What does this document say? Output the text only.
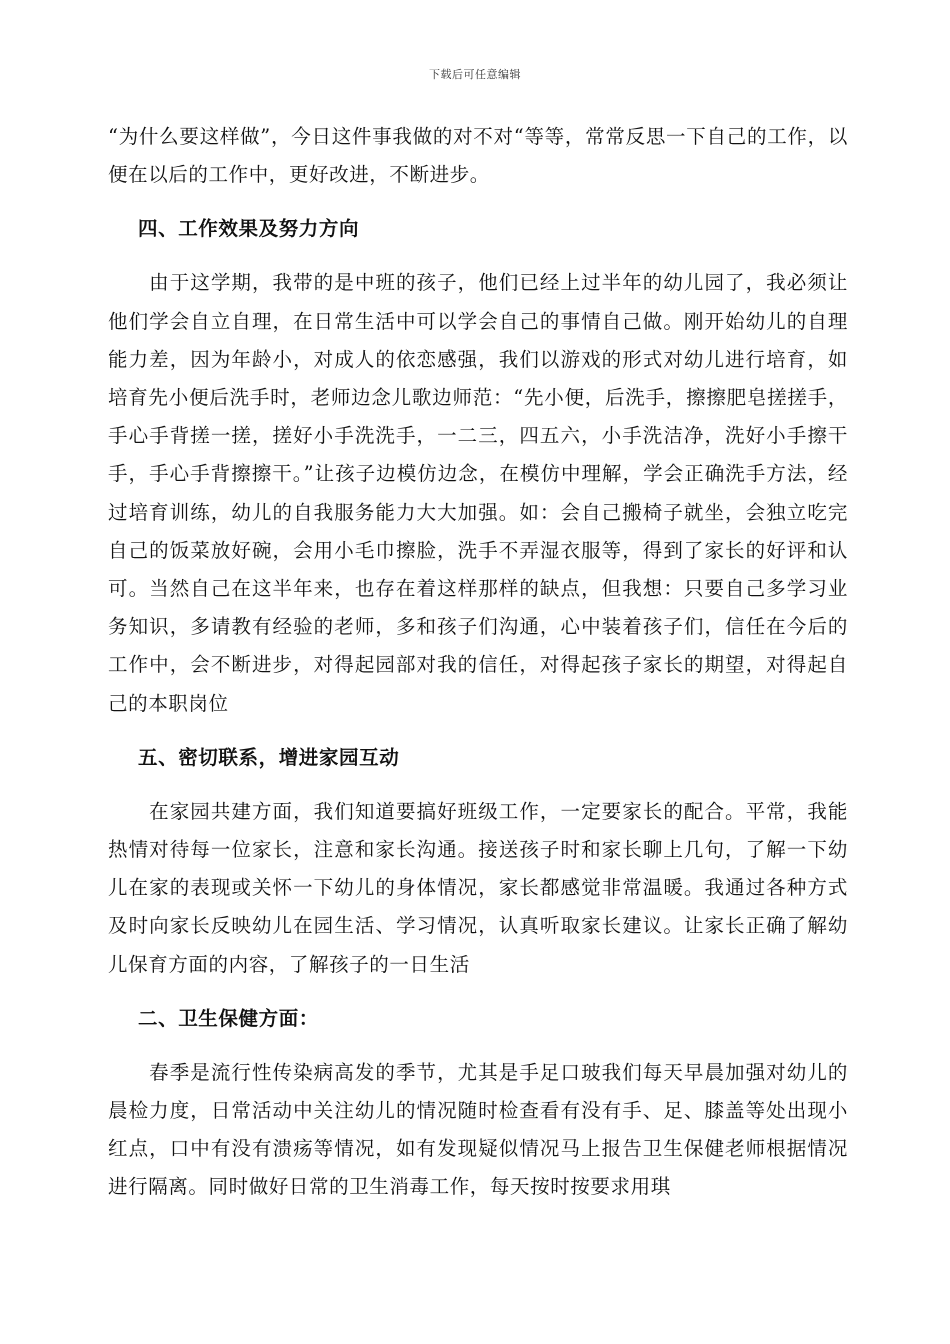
下载后可任意编辑

“为什么要这样做”，今日这件事我做的对不对“等等，常常反思一下自己的工作，以便在以后的工作中，更好改进，不断进步。

四、工作效果及努力方向

　　由于这学期，我带的是中班的孩子，他们已经上过半年的幼儿园了，我必须让他们学会自立自理，在日常生活中可以学会自己的事情自己做。刚开始幼儿的自理能力差，因为年龄小，对成人的依恋感强，我们以游戏的形式对幼儿进行培育，如培育先小便后洗手时，老师边念儿歌边师范：“先小便，后洗手，擦擦肥皂搓搓手，手心手背搓一搓，搓好小手洗洗手，一二三，四五六，小手洗洁净，洗好小手擦干手，手心手背擦擦干。”让孩子边模仿边念，在模仿中理解，学会正确洗手方法，经过培育训练，幼儿的自我服务能力大大加强。如：会自己搬椅子就坐，会独立吃完自己的饭菜放好碗，会用小毛巾擦脸，洗手不弄湿衣服等，得到了家长的好评和认可。当然自己在这半年来，也存在着这样那样的缺点，但我想：只要自己多学习业务知识，多请教有经验的老师，多和孩子们沟通，心中装着孩子们，信任在今后的工作中，会不断进步，对得起园部对我的信任，对得起孩子家长的期望，对得起自己的本职岗位

五、密切联系，增进家园互动

　　在家园共建方面，我们知道要搞好班级工作，一定要家长的配合。平常，我能热情对待每一位家长，注意和家长沟通。接送孩子时和家长聊上几句，了解一下幼儿在家的表现或关怀一下幼儿的身体情况，家长都感觉非常温暖。我通过各种方式及时向家长反映幼儿在园生活、学习情况，认真听取家长建议。让家长正确了解幼儿保育方面的内容，了解孩子的一日生活

二、卫生保健方面：

　　春季是流行性传染病高发的季节，尤其是手足口玻我们每天早晨加强对幼儿的晨检力度，日常活动中关注幼儿的情况随时检查看有没有手、足、膝盖等处出现小红点，口中有没有溃疡等情况，如有发现疑似情况马上报告卫生保健老师根据情况进行隔离。同时做好日常的卫生消毒工作，每天按时按要求用琪
